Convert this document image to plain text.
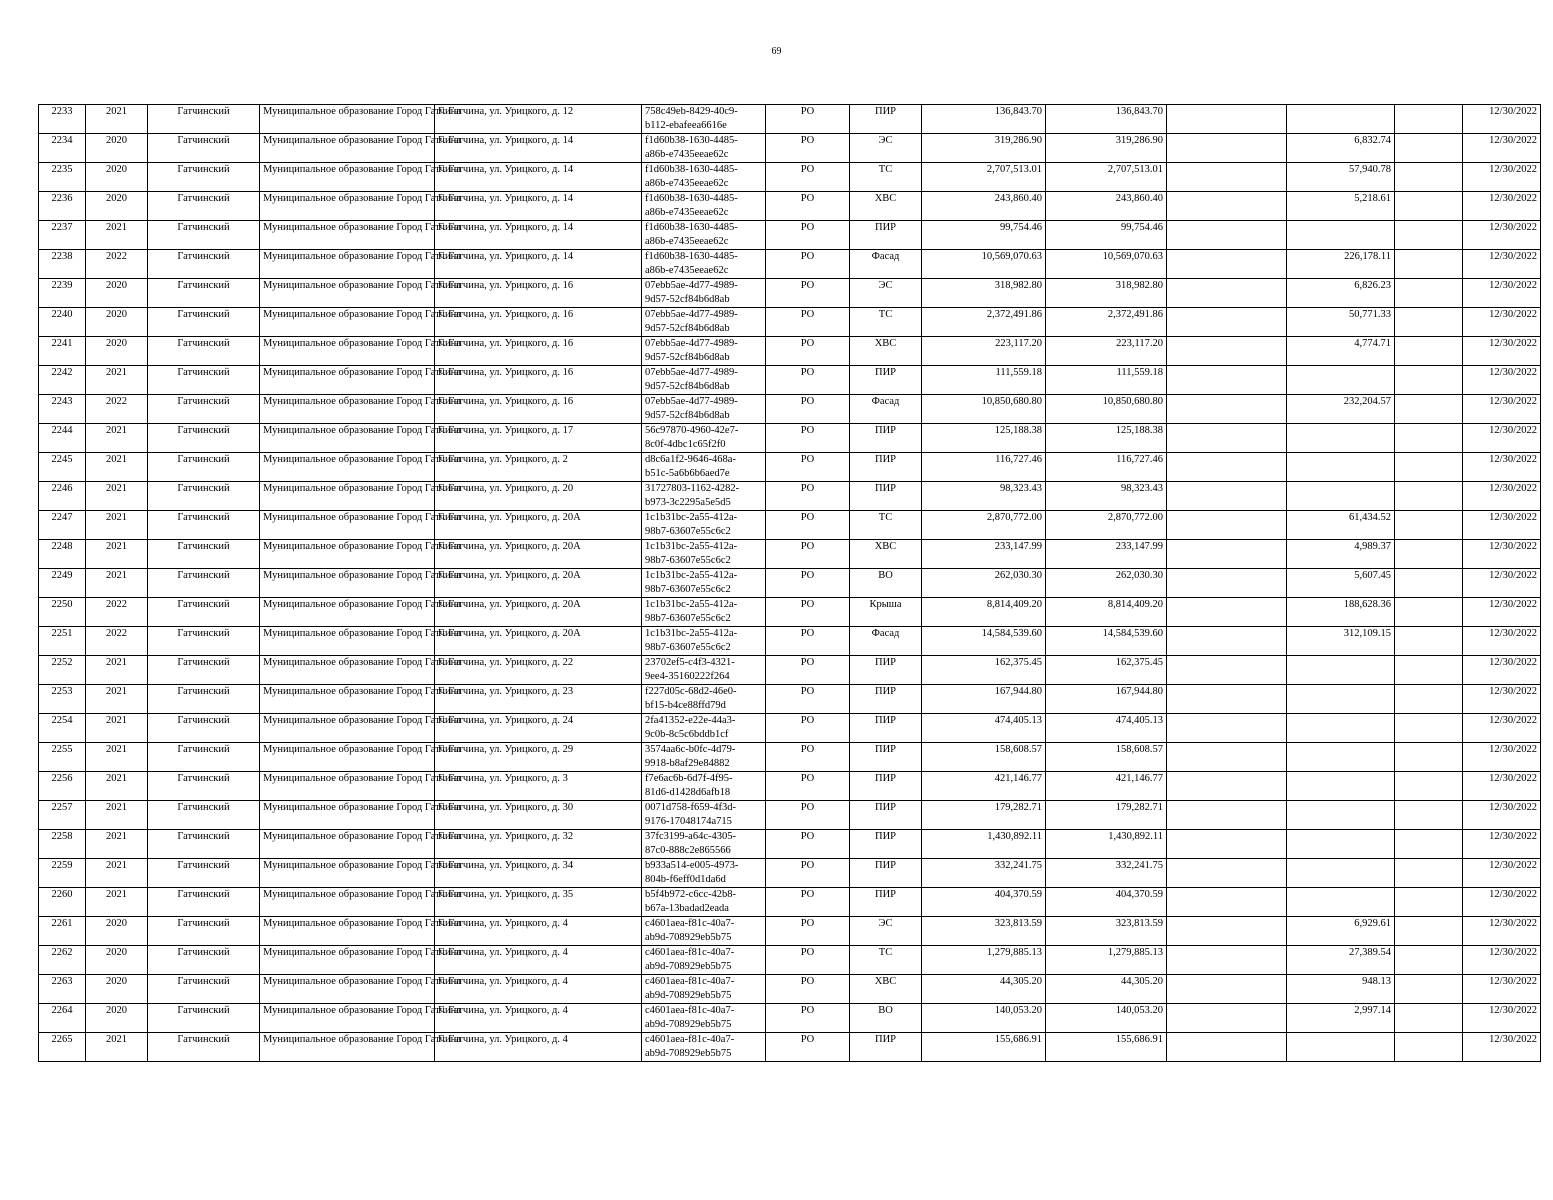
69
2233	2021	Гатчинский	Муниципальное образование Город Гатчина	Г. Гатчина, ул. Урицкого, д. 12	758c49eb-8429-40c9-
b112-ebafeea6616e	РО	ПИР	136,843.70	136,843.70				12/30/2022
2234	2020	Гатчинский	Муниципальное образование Город Гатчина	Г. Гатчина, ул. Урицкого, д. 14	f1d60b38-1630-4485-
a86b-e7435eeae62c	РО	ЭС	319,286.90	319,286.90		6,832.74		12/30/2022
2235	2020	Гатчинский	Муниципальное образование Город Гатчина	Г. Гатчина, ул. Урицкого, д. 14	f1d60b38-1630-4485-
a86b-e7435eeae62c	РО	ТС	2,707,513.01	2,707,513.01		57,940.78		12/30/2022
2236	2020	Гатчинский	Муниципальное образование Город Гатчина	Г. Гатчина, ул. Урицкого, д. 14	f1d60b38-1630-4485-
a86b-e7435eeae62c	РО	ХВС	243,860.40	243,860.40		5,218.61		12/30/2022
2237	2021	Гатчинский	Муниципальное образование Город Гатчина	Г. Гатчина, ул. Урицкого, д. 14	f1d60b38-1630-4485-
a86b-e7435eeae62c	РО	ПИР	99,754.46	99,754.46				12/30/2022
2238	2022	Гатчинский	Муниципальное образование Город Гатчина	Г. Гатчина, ул. Урицкого, д. 14	f1d60b38-1630-4485-
a86b-e7435eeae62c	РО	Фасад	10,569,070.63	10,569,070.63		226,178.11		12/30/2022
2239	2020	Гатчинский	Муниципальное образование Город Гатчина	Г. Гатчина, ул. Урицкого, д. 16	07ebb5ae-4d77-4989-
9d57-52cf84b6d8ab	РО	ЭС	318,982.80	318,982.80		6,826.23		12/30/2022
2240	2020	Гатчинский	Муниципальное образование Город Гатчина	Г. Гатчина, ул. Урицкого, д. 16	07ebb5ae-4d77-4989-
9d57-52cf84b6d8ab	РО	ТС	2,372,491.86	2,372,491.86		50,771.33		12/30/2022
2241	2020	Гатчинский	Муниципальное образование Город Гатчина	Г. Гатчина, ул. Урицкого, д. 16	07ebb5ae-4d77-4989-
9d57-52cf84b6d8ab	РО	ХВС	223,117.20	223,117.20		4,774.71		12/30/2022
2242	2021	Гатчинский	Муниципальное образование Город Гатчина	Г. Гатчина, ул. Урицкого, д. 16	07ebb5ae-4d77-4989-
9d57-52cf84b6d8ab	РО	ПИР	111,559.18	111,559.18				12/30/2022
2243	2022	Гатчинский	Муниципальное образование Город Гатчина	Г. Гатчина, ул. Урицкого, д. 16	07ebb5ae-4d77-4989-
9d57-52cf84b6d8ab	РО	Фасад	10,850,680.80	10,850,680.80		232,204.57		12/30/2022
2244	2021	Гатчинский	Муниципальное образование Город Гатчина	Г. Гатчина, ул. Урицкого, д. 17	56c97870-4960-42e7-
8c0f-4dbc1c65f2f0	РО	ПИР	125,188.38	125,188.38				12/30/2022
2245	2021	Гатчинский	Муниципальное образование Город Гатчина	Г. Гатчина, ул. Урицкого, д. 2	d8c6a1f2-9646-468a-
b51c-5a6b6b6aed7e	РО	ПИР	116,727.46	116,727.46				12/30/2022
2246	2021	Гатчинский	Муниципальное образование Город Гатчина	Г. Гатчина, ул. Урицкого, д. 20	31727803-1162-4282-
b973-3c2295a5e5d5	РО	ПИР	98,323.43	98,323.43				12/30/2022
2247	2021	Гатчинский	Муниципальное образование Город Гатчина	Г. Гатчина, ул. Урицкого, д. 20А	1c1b31bc-2a55-412a-
98b7-63607e55c6c2	РО	ТС	2,870,772.00	2,870,772.00		61,434.52		12/30/2022
2248	2021	Гатчинский	Муниципальное образование Город Гатчина	Г. Гатчина, ул. Урицкого, д. 20А	1c1b31bc-2a55-412a-
98b7-63607e55c6c2	РО	ХВС	233,147.99	233,147.99		4,989.37		12/30/2022
2249	2021	Гатчинский	Муниципальное образование Город Гатчина	Г. Гатчина, ул. Урицкого, д. 20А	1c1b31bc-2a55-412a-
98b7-63607e55c6c2	РО	ВО	262,030.30	262,030.30		5,607.45		12/30/2022
2250	2022	Гатчинский	Муниципальное образование Город Гатчина	Г. Гатчина, ул. Урицкого, д. 20А	1c1b31bc-2a55-412a-
98b7-63607e55c6c2	РО	Крыша	8,814,409.20	8,814,409.20		188,628.36		12/30/2022
2251	2022	Гатчинский	Муниципальное образование Город Гатчина	Г. Гатчина, ул. Урицкого, д. 20А	1c1b31bc-2a55-412a-
98b7-63607e55c6c2	РО	Фасад	14,584,539.60	14,584,539.60		312,109.15		12/30/2022
2252	2021	Гатчинский	Муниципальное образование Город Гатчина	Г. Гатчина, ул. Урицкого, д. 22	23702ef5-c4f3-4321-
9ee4-35160222f264	РО	ПИР	162,375.45	162,375.45				12/30/2022
2253	2021	Гатчинский	Муниципальное образование Город Гатчина	Г. Гатчина, ул. Урицкого, д. 23	f227d05c-68d2-46e0-
bf15-b4ce88ffd79d	РО	ПИР	167,944.80	167,944.80				12/30/2022
2254	2021	Гатчинский	Муниципальное образование Город Гатчина	Г. Гатчина, ул. Урицкого, д. 24	2fa41352-e22e-44a3-
9c0b-8c5c6bddb1cf	РО	ПИР	474,405.13	474,405.13				12/30/2022
2255	2021	Гатчинский	Муниципальное образование Город Гатчина	Г. Гатчина, ул. Урицкого, д. 29	3574aa6c-b0fc-4d79-
9918-b8af29e84882	РО	ПИР	158,608.57	158,608.57				12/30/2022
2256	2021	Гатчинский	Муниципальное образование Город Гатчина	Г. Гатчина, ул. Урицкого, д. 3	f7e6ac6b-6d7f-4f95-
81d6-d1428d6afb18	РО	ПИР	421,146.77	421,146.77				12/30/2022
2257	2021	Гатчинский	Муниципальное образование Город Гатчина	Г. Гатчина, ул. Урицкого, д. 30	0071d758-f659-4f3d-
9176-17048174a715	РО	ПИР	179,282.71	179,282.71				12/30/2022
2258	2021	Гатчинский	Муниципальное образование Город Гатчина	Г. Гатчина, ул. Урицкого, д. 32	37fc3199-a64c-4305-
87c0-888c2e865566	РО	ПИР	1,430,892.11	1,430,892.11				12/30/2022
2259	2021	Гатчинский	Муниципальное образование Город Гатчина	Г. Гатчина, ул. Урицкого, д. 34	b933a514-e005-4973-
804b-f6eff0d1da6d	РО	ПИР	332,241.75	332,241.75				12/30/2022
2260	2021	Гатчинский	Муниципальное образование Город Гатчина	Г. Гатчина, ул. Урицкого, д. 35	b5f4b972-c6cc-42b8-
b67a-13badad2eada	РО	ПИР	404,370.59	404,370.59				12/30/2022
2261	2020	Гатчинский	Муниципальное образование Город Гатчина	Г. Гатчина, ул. Урицкого, д. 4	c4601aea-f81c-40a7-
ab9d-708929eb5b75	РО	ЭС	323,813.59	323,813.59		6,929.61		12/30/2022
2262	2020	Гатчинский	Муниципальное образование Город Гатчина	Г. Гатчина, ул. Урицкого, д. 4	c4601aea-f81c-40a7-
ab9d-708929eb5b75	РО	ТС	1,279,885.13	1,279,885.13		27,389.54		12/30/2022
2263	2020	Гатчинский	Муниципальное образование Город Гатчина	Г. Гатчина, ул. Урицкого, д. 4	c4601aea-f81c-40a7-
ab9d-708929eb5b75	РО	ХВС	44,305.20	44,305.20		948.13		12/30/2022
2264	2020	Гатчинский	Муниципальное образование Город Гатчина	Г. Гатчина, ул. Урицкого, д. 4	c4601aea-f81c-40a7-
ab9d-708929eb5b75	РО	ВО	140,053.20	140,053.20		2,997.14		12/30/2022
2265	2021	Гатчинский	Муниципальное образование Город Гатчина	Г. Гатчина, ул. Урицкого, д. 4	c4601aea-f81c-40a7-
ab9d-708929eb5b75	РО	ПИР	155,686.91	155,686.91				12/30/2022
